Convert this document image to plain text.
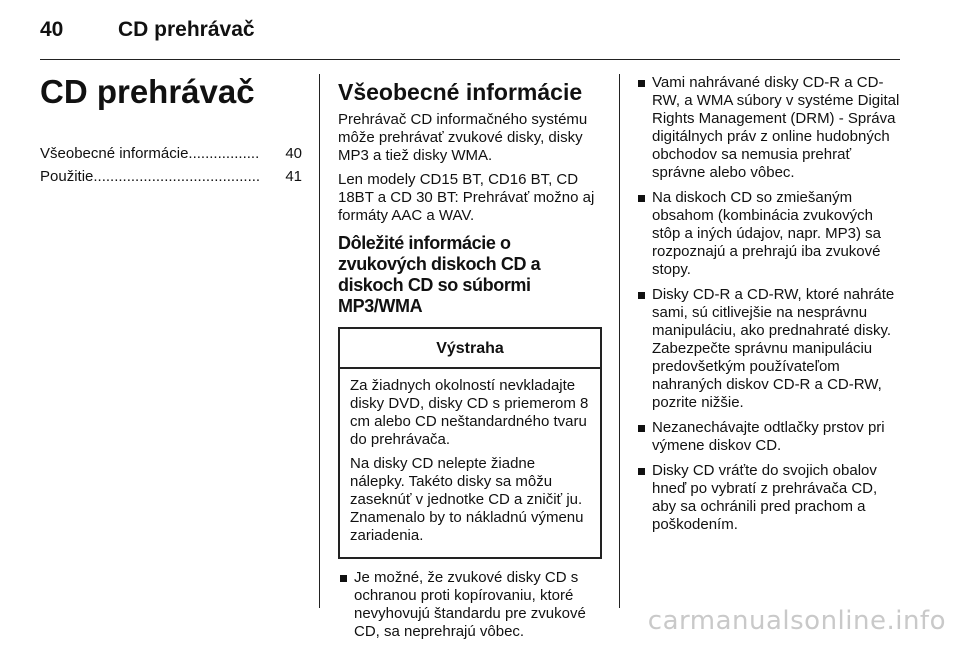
40	CD prehrávač
CD prehrávač
Všeobecné informácie .................	40
Použitie ........................................	41
Všeobecné informácie

Prehrávač CD informačného systému môže prehrávať zvukové disky, disky MP3 a tiež disky WMA.

Len modely CD15 BT, CD16 BT, CD 18BT a CD 30 BT: Prehrávať možno aj formáty AAC a WAV.

Dôležité informácie o zvukových diskoch CD a diskoch CD so súbormi MP3/WMA
Výstraha

Za žiadnych okolností nevkladajte disky DVD, disky CD s priemerom 8 cm alebo CD neštandardného tvaru do prehrávača.

Na disky CD nelepte žiadne nálepky. Takéto disky sa môžu zaseknúť v jednotke CD a zničiť ju. Znamenalo by to nákladnú výmenu zariadenia.

Je možné, že zvukové disky CD s ochranou proti kopírovaniu, ktoré nevyhovujú štandardu pre zvukové CD, sa neprehrajú vôbec.
Vami nahrávané disky CD-R a CD-RW, a WMA súbory v systéme Digital Rights Management (DRM) - Správa digitálnych práv z online hudobných obchodov sa nemusia prehrať správne alebo vôbec.
Na diskoch CD so zmiešaným obsahom (kombinácia zvukových stôp a iných údajov, napr. MP3) sa rozpoznajú a prehrajú iba zvukové stopy.
Disky CD-R a CD-RW, ktoré nahráte sami, sú citlivejšie na nesprávnu manipuláciu, ako prednahraté disky. Zabezpečte správnu manipuláciu predovšetkým používateľom nahraných diskov CD-R a CD-RW, pozrite nižšie.
Nezanechávajte odtlačky prstov pri výmene diskov CD.
Disky CD vráťte do svojich obalov hneď po vybratí z prehrávača CD, aby sa ochránili pred prachom a poškodením.
carmanualsonline.info
